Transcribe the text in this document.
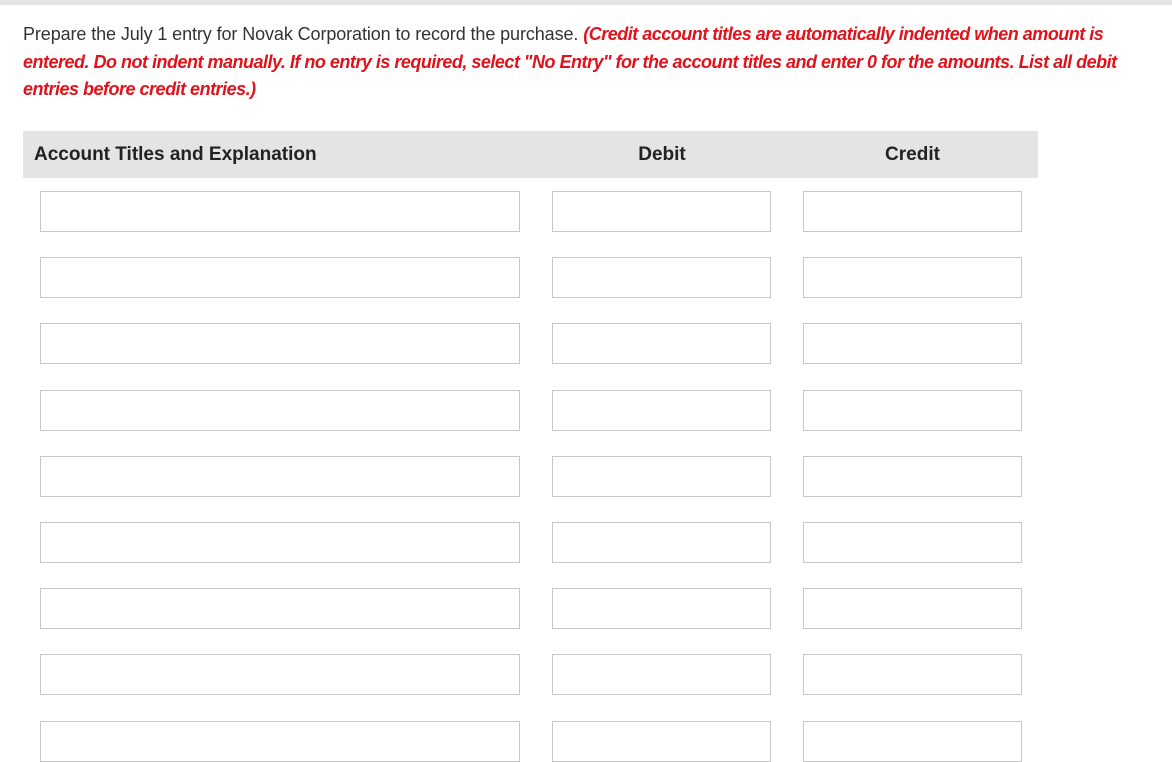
Prepare the July 1 entry for Novak Corporation to record the purchase. (Credit account titles are automatically indented when amount is entered. Do not indent manually. If no entry is required, select "No Entry" for the account titles and enter 0 for the amounts. List all debit entries before credit entries.)
Account Titles and Explanation	Debit	Credit
